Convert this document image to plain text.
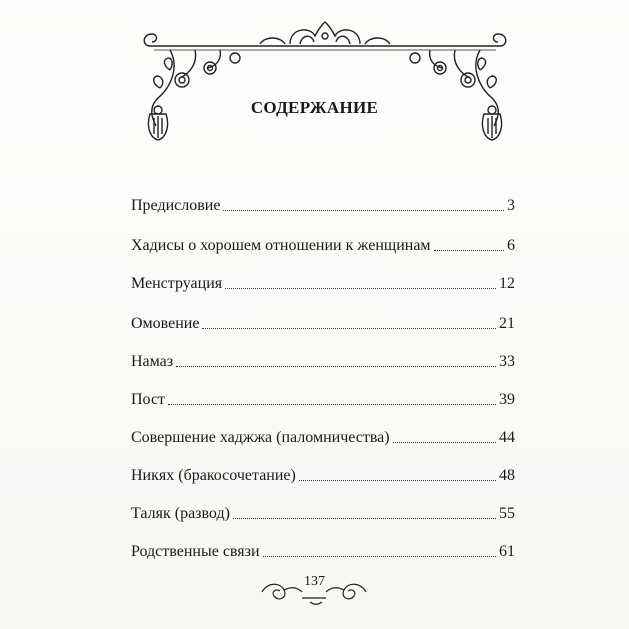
СОДЕРЖАНИЕ
Предисловие	3
Хадисы о хорошем отношении к женщинам	6
Менструация	12
Омовение	21
Намаз	33
Пост	39
Совершение хаджжа (паломничества)	44
Никях (бракосочетание)	48
Таляк (развод)	55
Родственные связи	61
137
